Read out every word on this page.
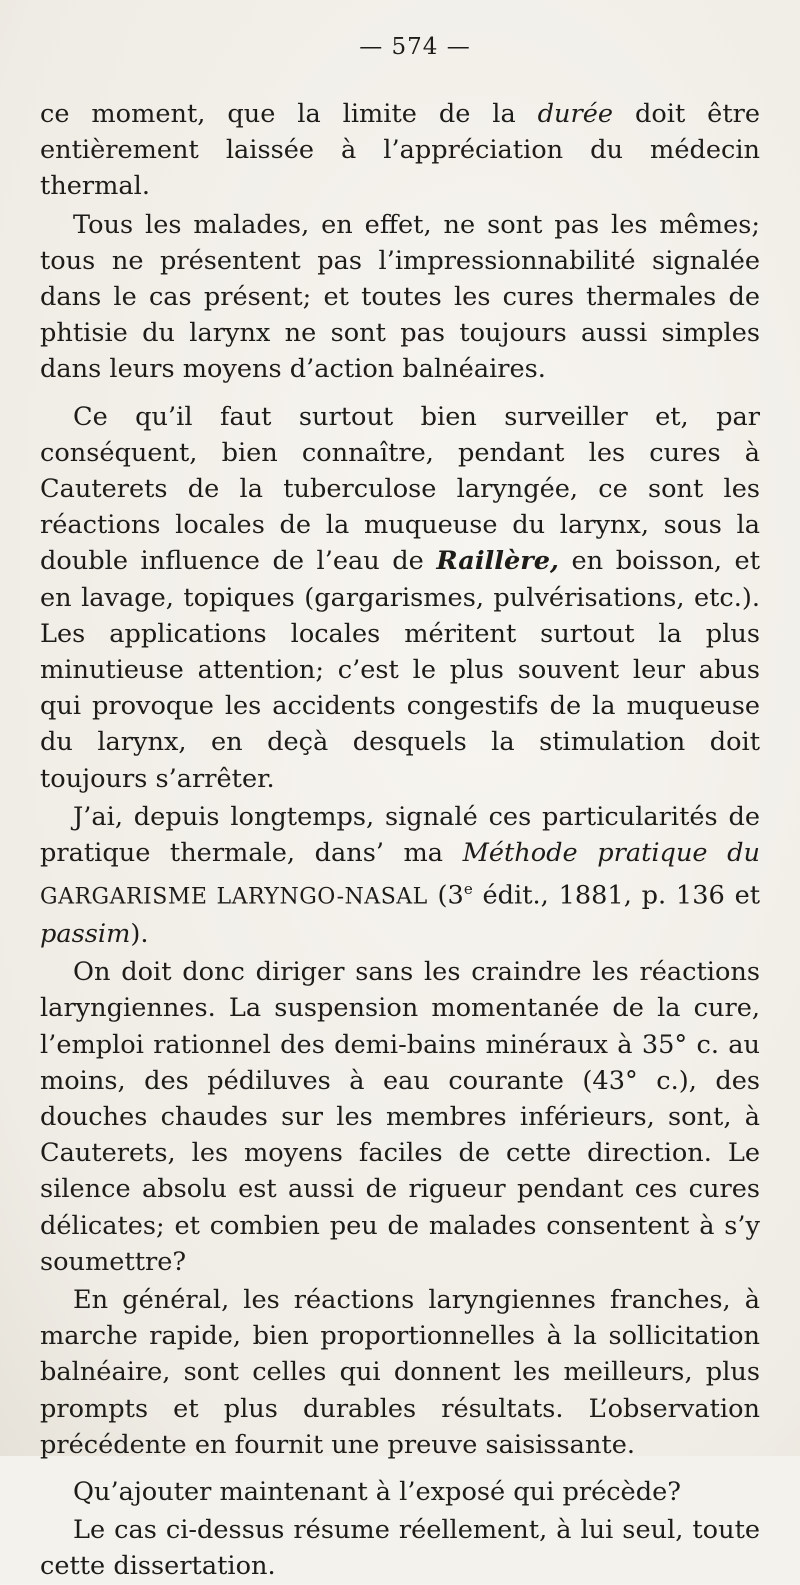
— 574 —

ce moment, que la limite de la durée doit être entièrement laissée à l’appréciation du médecin thermal.

Tous les malades, en effet, ne sont pas les mêmes; tous ne présentent pas l’impressionnabilité signalée dans le cas présent; et toutes les cures thermales de phtisie du larynx ne sont pas toujours aussi simples dans leurs moyens d’action balnéaires.

Ce qu’il faut surtout bien surveiller et, par conséquent, bien connaître, pendant les cures à Cauterets de la tuberculose laryngée, ce sont les réactions locales de la muqueuse du larynx, sous la double influence de l’eau de Raillère, en boisson, et en lavage, topiques (gargarismes, pulvérisations, etc.). Les applications locales méritent surtout la plus minutieuse attention; c’est le plus souvent leur abus qui provoque les accidents congestifs de la muqueuse du larynx, en deçà desquels la stimulation doit toujours s’arrêter.

J’ai, depuis longtemps, signalé ces particularités de pratique thermale, dans’ ma Méthode pratique du GARGARISME LARYNGO-NASAL (3e édit., 1881, p. 136 et passim).

On doit donc diriger sans les craindre les réactions laryngiennes. La suspension momentanée de la cure, l’emploi rationnel des demi-bains minéraux à 35° c. au moins, des pédiluves à eau courante (43° c.), des douches chaudes sur les membres inférieurs, sont, à Cauterets, les moyens faciles de cette direction. Le silence absolu est aussi de rigueur pendant ces cures délicates; et combien peu de malades consentent à s’y soumettre?

En général, les réactions laryngiennes franches, à marche rapide, bien proportionnelles à la sollicitation balnéaire, sont celles qui donnent les meilleurs, plus prompts et plus durables résultats. L’observation précédente en fournit une preuve saisissante.

Qu’ajouter maintenant à l’exposé qui précède?

Le cas ci-dessus résume réellement, à lui seul, toute cette dissertation.
